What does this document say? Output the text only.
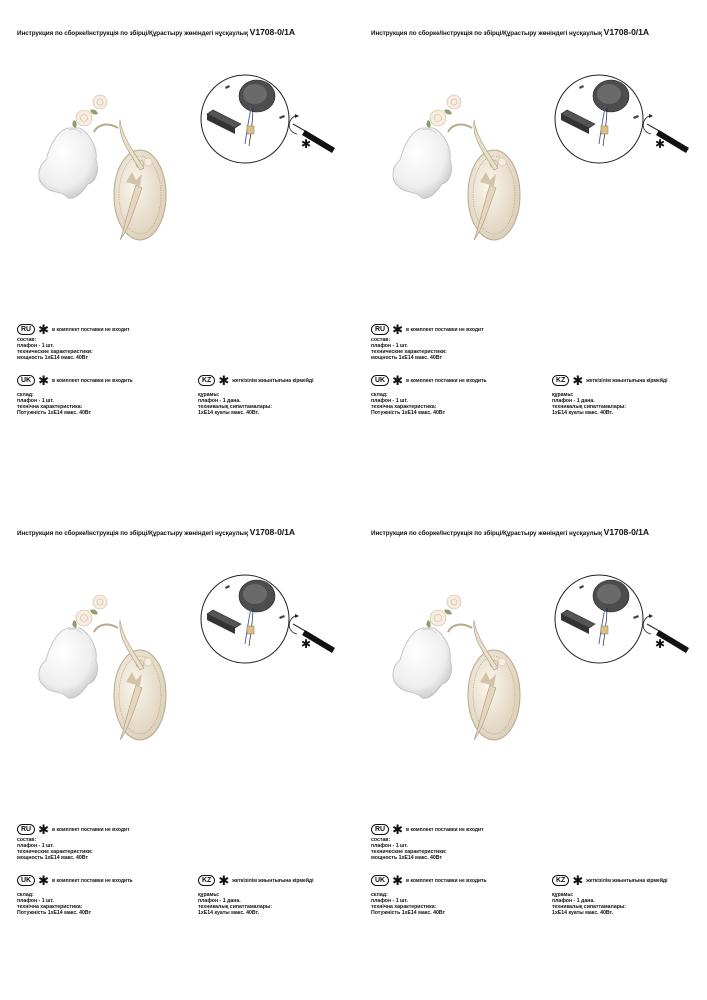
Инструкция по сборке/Інструкція по збірці/Құрастыру жөніндегі нұсқаулық V1708-0/1A
✱
RU ✱ в комплект поставки не входит
состав:
плафон - 1 шт.
технические характеристики:
мощность 1хE14 макс. 40Вт
UK ✱ в комплект поставки не входить
склад:
плафон - 1 шт.
технічна характеристика:
Потужність 1хE14 макс. 40Вт
KZ ✱ жеткізілім жиынтығына кірмейді
құрамы:
плафон - 1 дана.
техникалық сипаттамалары:
1хE14 куаты макс. 40Вт.
Инструкция по сборке/Інструкція по збірці/Құрастыру жөніндегі нұсқаулық V1708-0/1A
✱
RU ✱ в комплект поставки не входит
состав:
плафон - 1 шт.
технические характеристики:
мощность 1хE14 макс. 40Вт
UK ✱ в комплект поставки не входить
склад:
плафон - 1 шт.
технічна характеристика:
Потужність 1хE14 макс. 40Вт
KZ ✱ жеткізілім жиынтығына кірмейді
құрамы:
плафон - 1 дана.
техникалық сипаттамалары:
1хE14 куаты макс. 40Вт.
Инструкция по сборке/Інструкція по збірці/Құрастыру жөніндегі нұсқаулық V1708-0/1A
✱
RU ✱ в комплект поставки не входит
состав:
плафон - 1 шт.
технические характеристики:
мощность 1хE14 макс. 40Вт
UK ✱ в комплект поставки не входить
склад:
плафон - 1 шт.
технічна характеристика:
Потужність 1хE14 макс. 40Вт
KZ ✱ жеткізілім жиынтығына кірмейді
құрамы:
плафон - 1 дана.
техникалық сипаттамалары:
1хE14 куаты макс. 40Вт.
Инструкция по сборке/Інструкція по збірці/Құрастыру жөніндегі нұсқаулық V1708-0/1A
✱
RU ✱ в комплект поставки не входит
состав:
плафон - 1 шт.
технические характеристики:
мощность 1хE14 макс. 40Вт
UK ✱ в комплект поставки не входить
склад:
плафон - 1 шт.
технічна характеристика:
Потужність 1хE14 макс. 40Вт
KZ ✱ жеткізілім жиынтығына кірмейді
құрамы:
плафон - 1 дана.
техникалық сипаттамалары:
1хE14 куаты макс. 40Вт.
